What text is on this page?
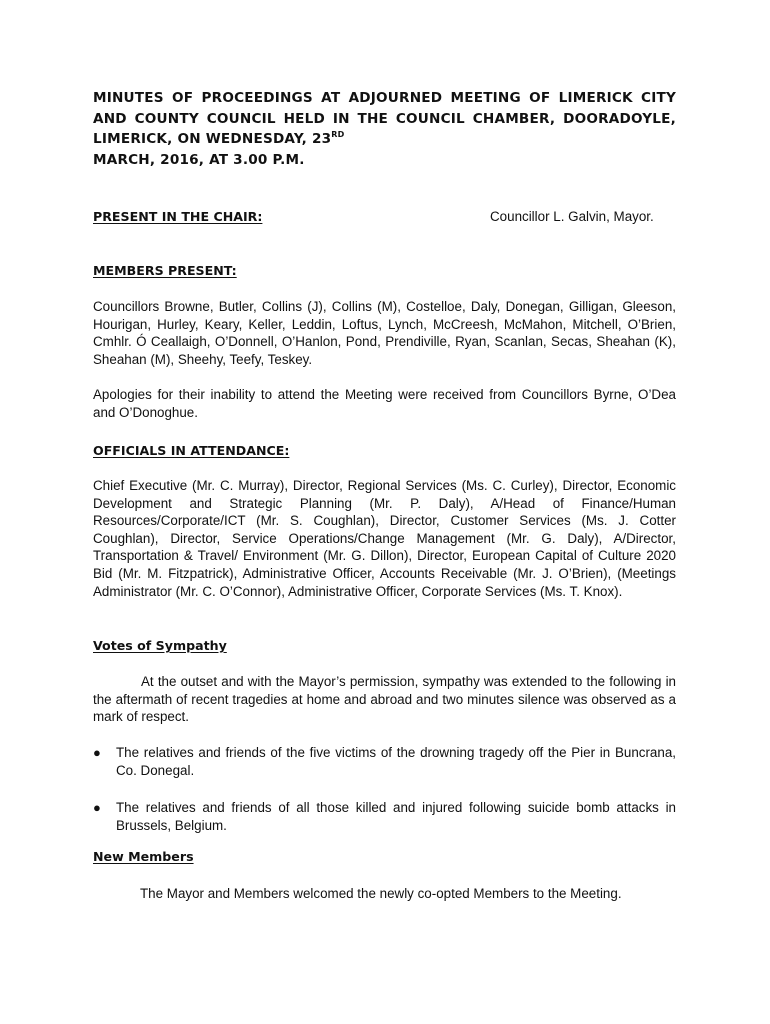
MINUTES OF PROCEEDINGS AT ADJOURNED MEETING OF LIMERICK CITY AND COUNTY COUNCIL HELD IN THE COUNCIL CHAMBER, DOORADOYLE, LIMERICK, ON WEDNESDAY, 23RD
MARCH, 2016, AT 3.00 P.M.

PRESENT IN THE CHAIR:	Councillor L. Galvin, Mayor.

MEMBERS PRESENT:

Councillors Browne, Butler, Collins (J), Collins (M), Costelloe, Daly, Donegan, Gilligan, Gleeson, Hourigan, Hurley, Keary, Keller, Leddin, Loftus, Lynch, McCreesh, McMahon, Mitchell, O’Brien, Cmhlr. Ó Ceallaigh, O’Donnell, O’Hanlon, Pond, Prendiville, Ryan, Scanlan, Secas, Sheahan (K), Sheahan (M), Sheehy, Teefy, Teskey.

Apologies for their inability to attend the Meeting were received from Councillors Byrne, O’Dea and O’Donoghue.

OFFICIALS IN ATTENDANCE:

Chief Executive (Mr. C. Murray), Director, Regional Services (Ms. C. Curley), Director, Economic Development and Strategic Planning (Mr. P. Daly), A/Head of Finance/Human Resources/Corporate/ICT (Mr. S. Coughlan), Director, Customer Services (Ms. J. Cotter Coughlan), Director, Service Operations/Change Management (Mr. G. Daly), A/Director, Transportation & Travel/ Environment (Mr. G. Dillon), Director, European Capital of Culture 2020 Bid (Mr. M. Fitzpatrick), Administrative Officer, Accounts Receivable (Mr. J. O’Brien), (Meetings Administrator (Mr. C. O’Connor), Administrative Officer, Corporate Services (Ms. T. Knox).

Votes of Sympathy

At the outset and with the Mayor’s permission, sympathy was extended to the following in the aftermath of recent tragedies at home and abroad and two minutes silence was observed as a mark of respect.

● The relatives and friends of the five victims of the drowning tragedy off the Pier in Buncrana, Co. Donegal.

● The relatives and friends of all those killed and injured following suicide bomb attacks in Brussels, Belgium.

New Members

The Mayor and Members welcomed the newly co-opted Members to the Meeting.
